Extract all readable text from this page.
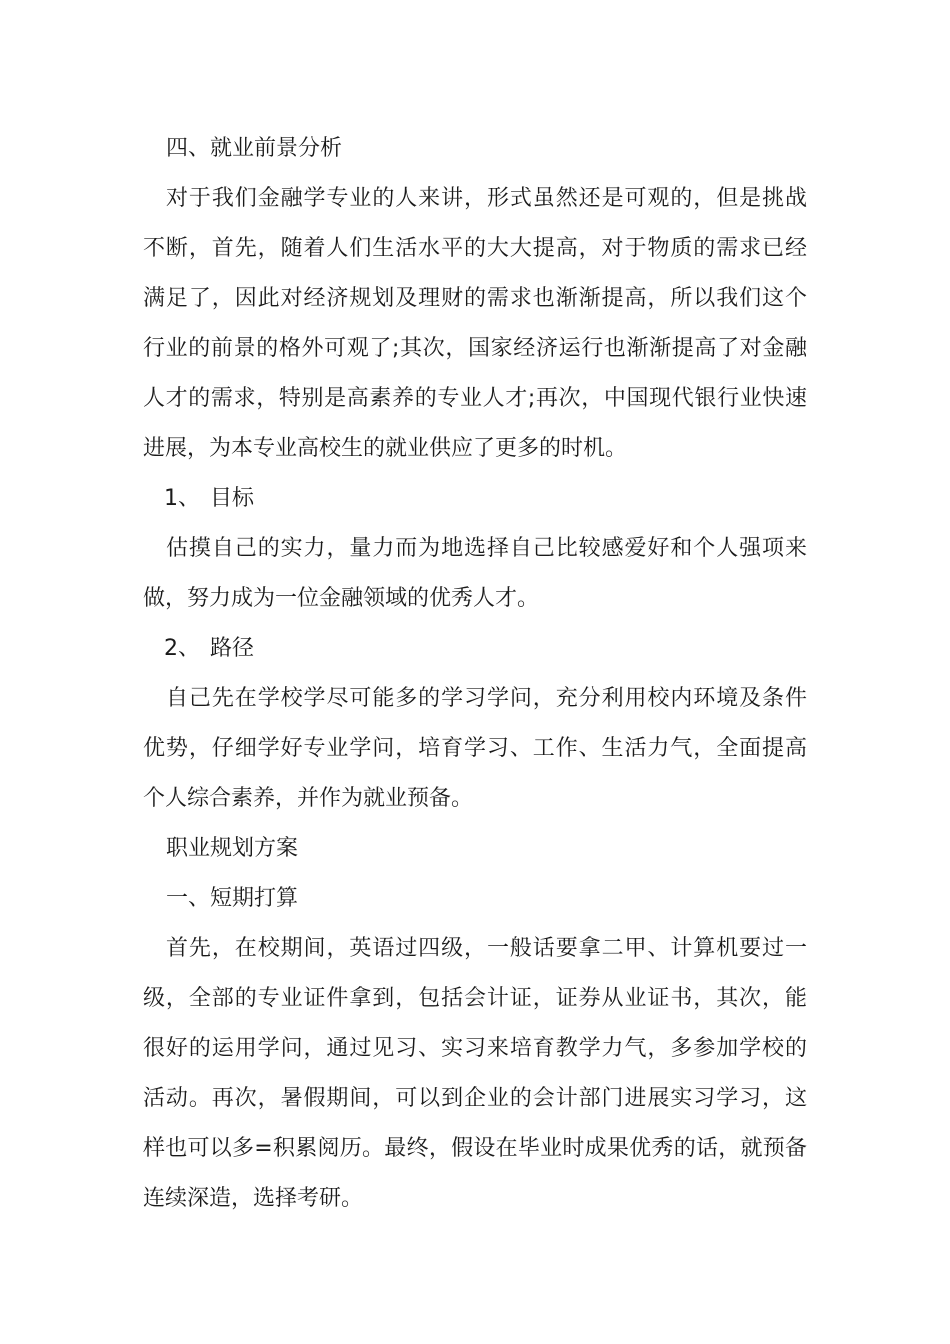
四、就业前景分析
对于我们金融学专业的人来讲，形式虽然还是可观的，但是挑战
不断，首先，随着人们生活水平的大大提高，对于物质的需求已经
满足了，因此对经济规划及理财的需求也渐渐提高，所以我们这个
行业的前景的格外可观了;其次，国家经济运行也渐渐提高了对金融
人才的需求，特别是高素养的专业人才;再次，中国现代银行业快速
进展，为本专业高校生的就业供应了更多的时机。
1、 目标
估摸自己的实力，量力而为地选择自己比较感爱好和个人强项来
做，努力成为一位金融领域的优秀人才。
2、 路径
自己先在学校学尽可能多的学习学问，充分利用校内环境及条件
优势，仔细学好专业学问，培育学习、工作、生活力气，全面提高
个人综合素养，并作为就业预备。
职业规划方案
一、短期打算
首先，在校期间，英语过四级，一般话要拿二甲、计算机要过一
级，全部的专业证件拿到，包括会计证，证券从业证书，其次，能
很好的运用学问，通过见习、实习来培育教学力气，多参加学校的
活动。再次，暑假期间，可以到企业的会计部门进展实习学习，这
样也可以多=积累阅历。最终，假设在毕业时成果优秀的话，就预备
连续深造，选择考研。
